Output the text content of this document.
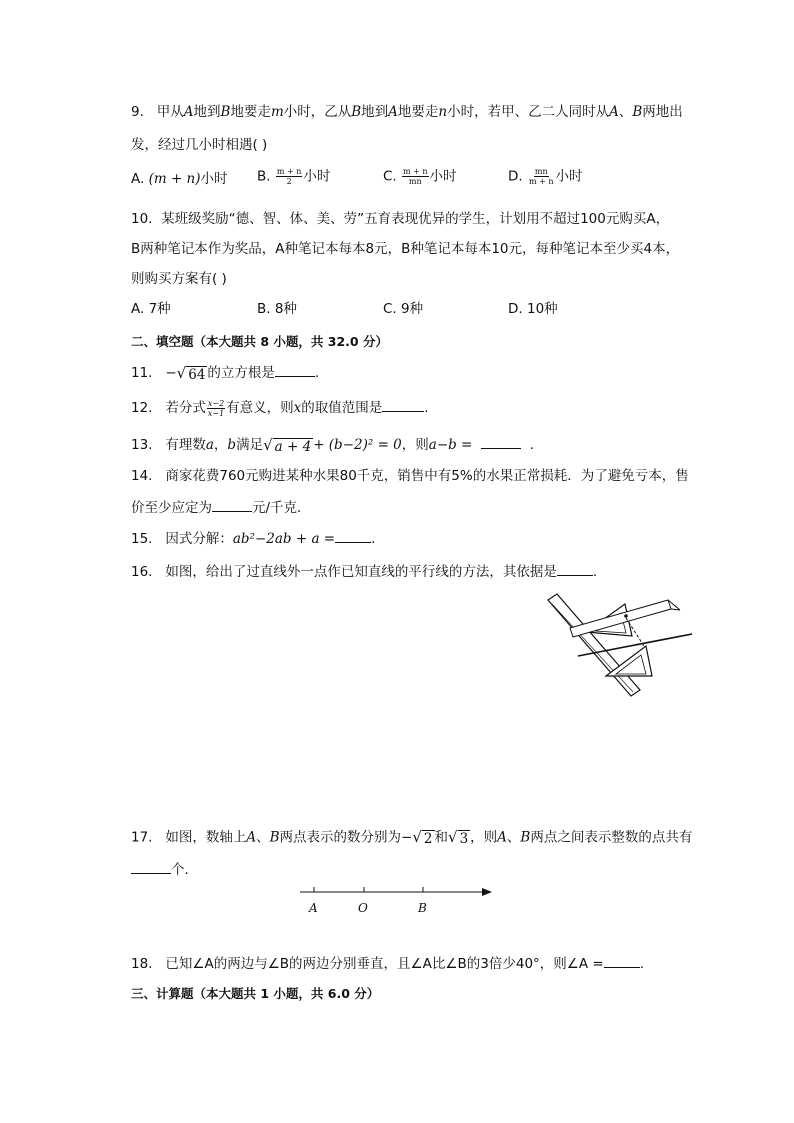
9. 甲从A地到B地要走m小时，乙从B地到A地要走n小时，若甲、乙二人同时从A、B两地出
发，经过几小时相遇( )
A. (m + n)小时 B. $\frac{m + n}{2}$ 小时	C. $\frac{m + n}{mn}$ 小时	D. $\frac{mn}{m + n}$ 小时
10. 某班级奖励“德、智、体、美、劳”五育表现优异的学生，计划用不超过100元购买A，
B两种笔记本作为奖品，A种笔记本每本8元，B种笔记本每本10元，每种笔记本至少买4本，
则购买方案有( )
A. 7种	B. 8种	C. 9种	D. 10种
二、填空题（本大题共 8 小题，共 32.0 分）
11. − √ 64 的立方根是	.
12. 若分式 $\frac{x-2}{x-1}$ 有意义，则x的取值范围是	.
13. 有理数a，b满足 √ a + 4 + (b−2)² = 0，则a−b =	.
14. 商家花费760元购进某种水果80千克，销售中有5%的水果正常损耗．为了避免亏本，售
价至少应定为	元/千克．
15. 因式分解：ab²−2ab + a =	.
16. 如图，给出了过直线外一点作已知直线的平行线的方法，其依据是	.
17. 如图，数轴上A、B两点表示的数分别为− √ 2 和 √ 3 ，则A、B两点之间表示整数的点共有
个．
A	O	B
18. 已知∠A的两边与∠B的两边分别垂直，且∠A比∠B的3倍少40°，则∠A =	.
三、计算题（本大题共 1 小题，共 6.0 分）
